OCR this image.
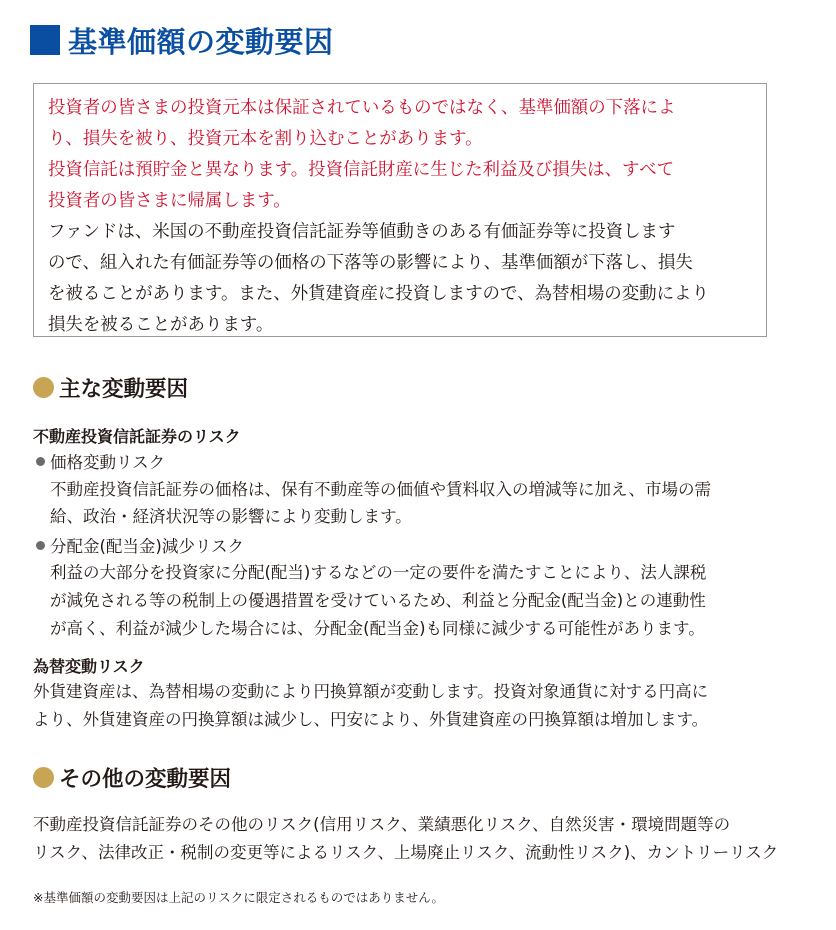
基準価額の変動要因
投資者の皆さまの投資元本は保証されているものではなく、基準価額の下落によ
り、損失を被り、投資元本を割り込むことがあります。
投資信託は預貯金と異なります。投資信託財産に生じた利益及び損失は、すべて
投資者の皆さまに帰属します。
ファンドは、米国の不動産投資信託証券等値動きのある有価証券等に投資します
ので、組入れた有価証券等の価格の下落等の影響により、基準価額が下落し、損失
を被ることがあります。また、外貨建資産に投資しますので、為替相場の変動により
損失を被ることがあります。
主な変動要因
不動産投資信託証券のリスク
価格変動リスク
不動産投資信託証券の価格は、保有不動産等の価値や賃料収入の増減等に加え、市場の需
給、政治・経済状況等の影響により変動します。
分配金(配当金)減少リスク
利益の大部分を投資家に分配(配当)するなどの一定の要件を満たすことにより、法人課税
が減免される等の税制上の優遇措置を受けているため、利益と分配金(配当金)との連動性
が高く、利益が減少した場合には、分配金(配当金)も同様に減少する可能性があります。
為替変動リスク
外貨建資産は、為替相場の変動により円換算額が変動します。投資対象通貨に対する円高に
より、外貨建資産の円換算額は減少し、円安により、外貨建資産の円換算額は増加します。
その他の変動要因
不動産投資信託証券のその他のリスク(信用リスク、業績悪化リスク、自然災害・環境問題等の
リスク、法律改正・税制の変更等によるリスク、上場廃止リスク、流動性リスク)、カントリーリスク
※基準価額の変動要因は上記のリスクに限定されるものではありません。
